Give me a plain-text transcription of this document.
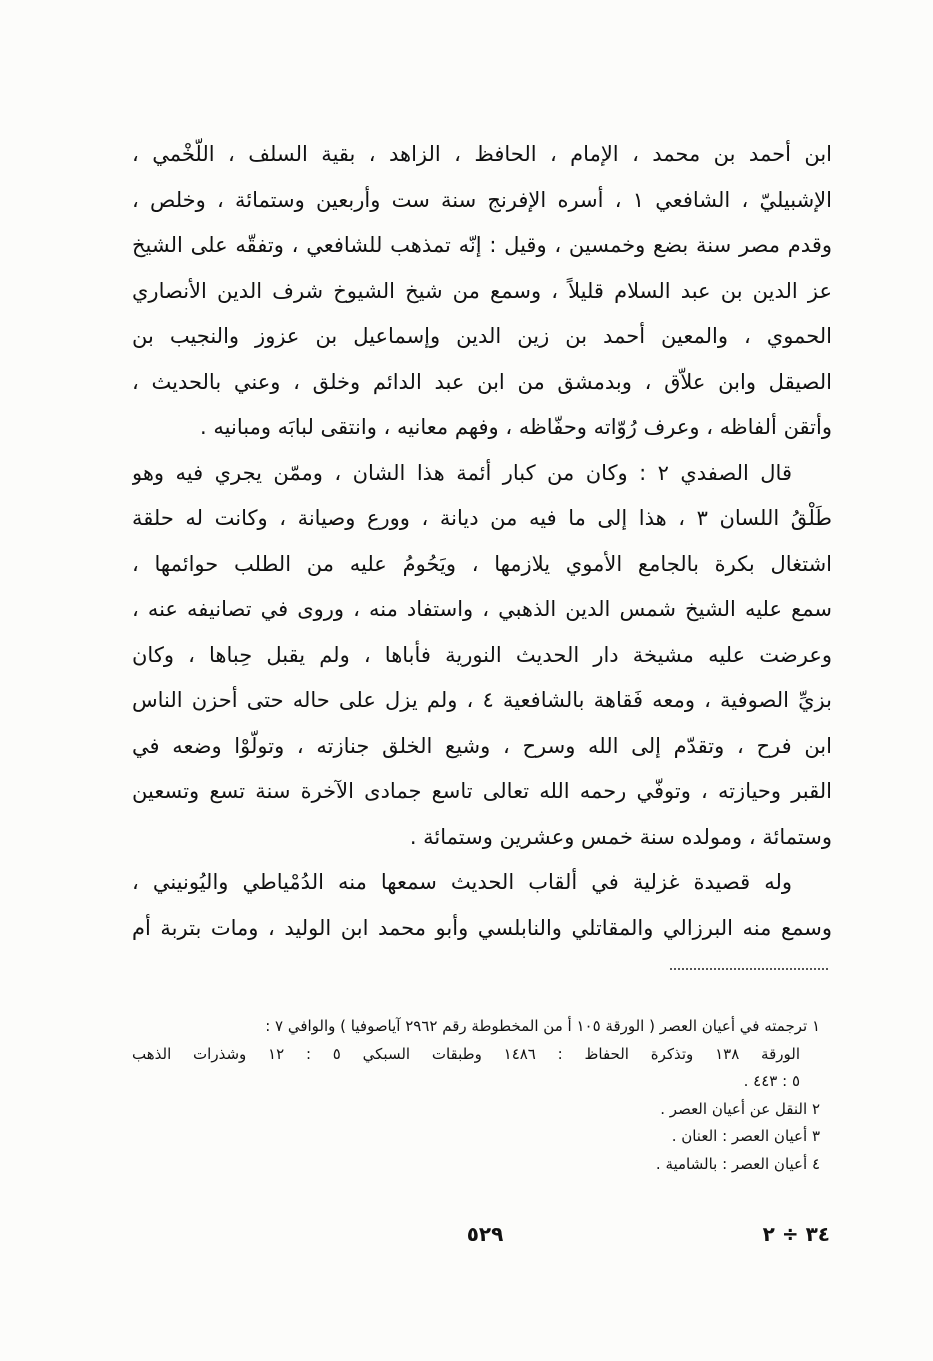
ابن أحمد بن محمد ، الإمام ، الحافظ ، الزاهد ، بقية السلف ، اللّخْمي ،
الإشبيليّ ، الشافعي ١ ، أسره الإفرنج سنة ست وأربعين وستمائة ، وخلص ،
وقدم مصر سنة بضع وخمسين ، وقيل : إنّه تمذهب للشافعي ، وتفقّه على الشيخ
عز الدين بن عبد السلام قليلاً ، وسمع من شيخ الشيوخ شرف الدين الأنصاري
الحموي ، والمعين أحمد بن زين الدين وإسماعيل بن عزوز والنجيب بن
الصيقل وابن علاّق ، وبدمشق من ابن عبد الدائم وخلق ، وعني بالحديث ،
وأتقن ألفاظه ، وعرف رُوّاته وحفّاظه ، وفهم معانيه ، وانتقى لبابَه ومبانيه .
قال الصفدي ٢ : وكان من كبار أئمة هذا الشان ، وممّن يجري فيه وهو
طَلْقُ اللسان ٣ ، هذا إلى ما فيه من ديانة ، وورع وصيانة ، وكانت له حلقة
اشتغال بكرة بالجامع الأموي يلازمها ، ويَحُومُ عليه من الطلب حوائمها ،
سمع عليه الشيخ شمس الدين الذهبي ، واستفاد منه ، وروى في تصانيفه عنه ،
وعرضت عليه مشيخة دار الحديث النورية فأباها ، ولم يقبل حِباها ، وكان
بزيِّ الصوفية ، ومعه فَقاهة بالشافعية ٤ ، ولم يزل على حاله حتى أحزن الناس
ابن فرح ، وتقدّم إلى الله وسرح ، وشيع الخلق جنازته ، وتولّوْا وضعه في
القبر وحيازته ، وتوفّي رحمه الله تعالى تاسع جمادى الآخرة سنة تسع وتسعين
وستمائة ، ومولده سنة خمس وعشرين وستمائة .
وله قصيدة غزلية في ألقاب الحديث سمعها منه الدُمْياطي واليُونيني ،
وسمع منه البرزالي والمقاتلي والنابلسي وأبو محمد ابن الوليد ، ومات بتربة أم
١ ترجمته في أعيان العصر ( الورقة ١٠٥ أ من المخطوطة رقم ٢٩٦٢ آياصوفيا ) والوافي ٧ :
الورقة ١٣٨ وتذكرة الحفاظ : ١٤٨٦ وطبقات السبكي ٥ : ١٢ وشذرات الذهب
٥ : ٤٤٣ .
٢ النقل عن أعيان العصر .
٣ أعيان العصر : العنان .
٤ أعيان العصر : بالشامية .
٥٢٩	٣٤ ÷ ٢
